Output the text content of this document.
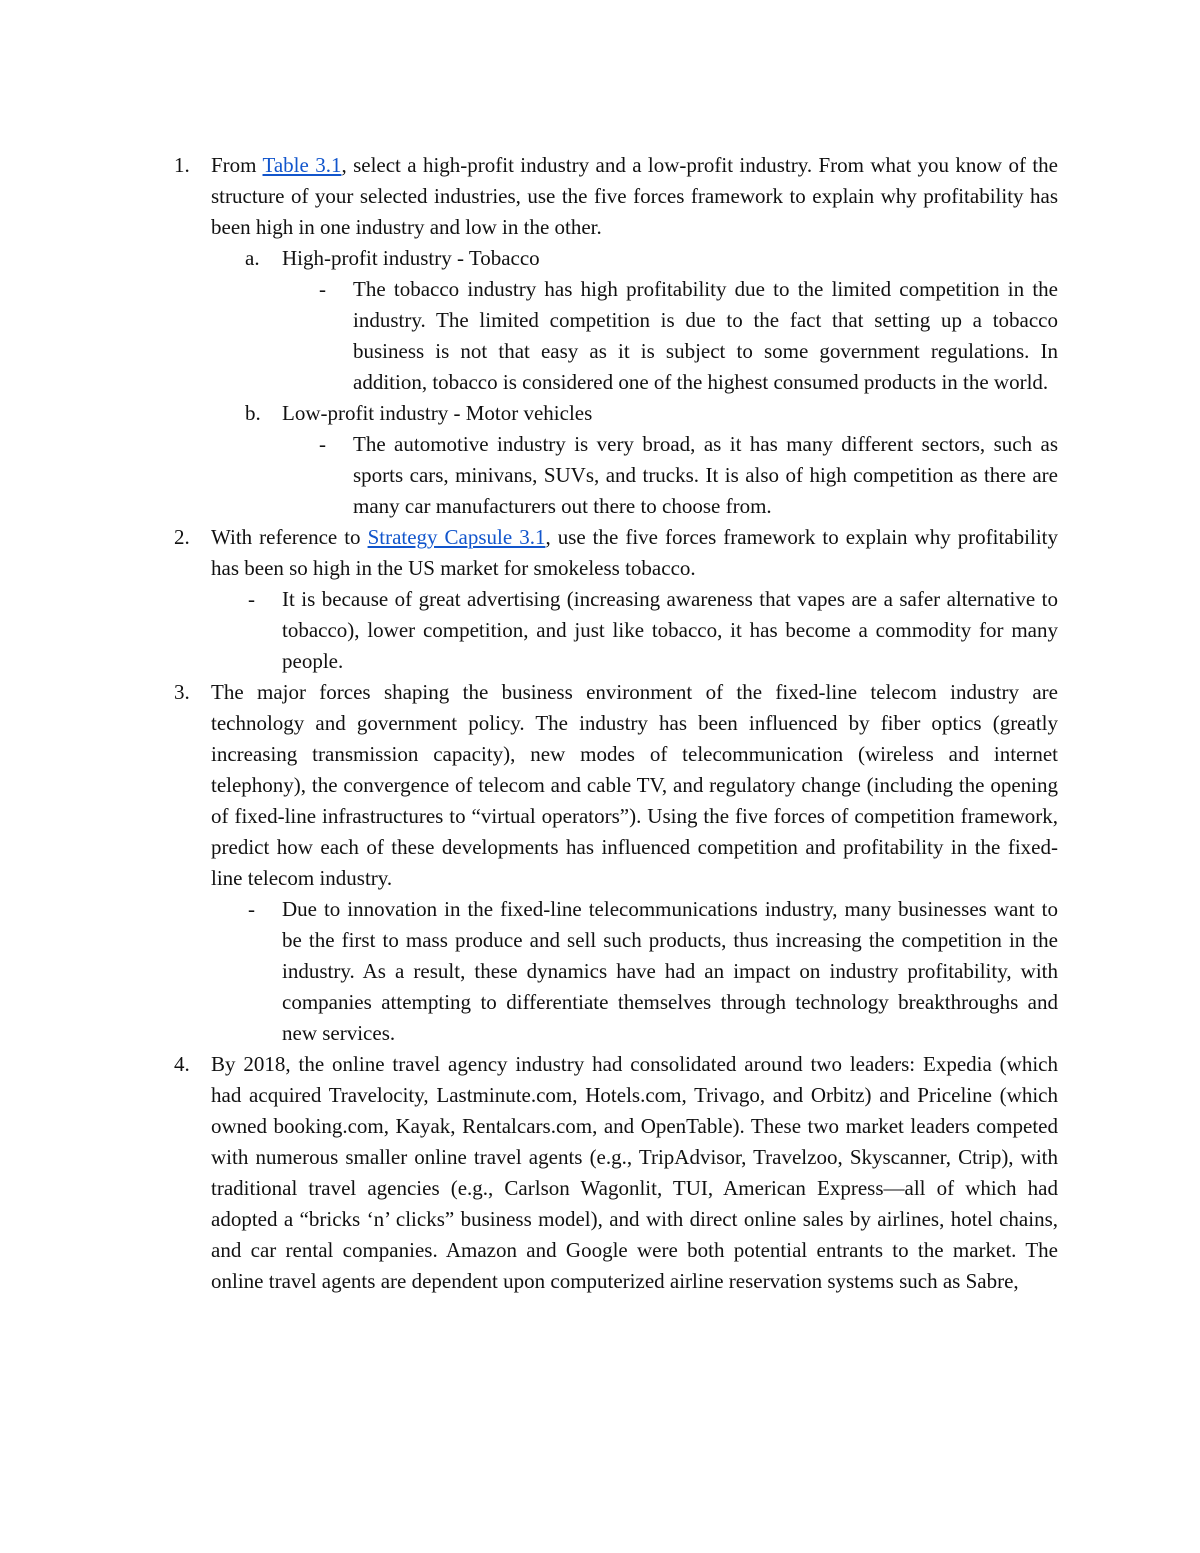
1. From Table 3.1, select a high-profit industry and a low-profit industry. From what you know of the structure of your selected industries, use the five forces framework to explain why profitability has been high in one industry and low in the other.
a. High-profit industry - Tobacco
- The tobacco industry has high profitability due to the limited competition in the industry. The limited competition is due to the fact that setting up a tobacco business is not that easy as it is subject to some government regulations. In addition, tobacco is considered one of the highest consumed products in the world.
b. Low-profit industry - Motor vehicles
- The automotive industry is very broad, as it has many different sectors, such as sports cars, minivans, SUVs, and trucks. It is also of high competition as there are many car manufacturers out there to choose from.
2. With reference to Strategy Capsule 3.1, use the five forces framework to explain why profitability has been so high in the US market for smokeless tobacco.
- It is because of great advertising (increasing awareness that vapes are a safer alternative to tobacco), lower competition, and just like tobacco, it has become a commodity for many people.
3. The major forces shaping the business environment of the fixed-line telecom industry are technology and government policy. The industry has been influenced by fiber optics (greatly increasing transmission capacity), new modes of telecommunication (wireless and internet telephony), the convergence of telecom and cable TV, and regulatory change (including the opening of fixed-line infrastructures to “virtual operators”). Using the five forces of competition framework, predict how each of these developments has influenced competition and profitability in the fixed-line telecom industry.
- Due to innovation in the fixed-line telecommunications industry, many businesses want to be the first to mass produce and sell such products, thus increasing the competition in the industry. As a result, these dynamics have had an impact on industry profitability, with companies attempting to differentiate themselves through technology breakthroughs and new services.
4. By 2018, the online travel agency industry had consolidated around two leaders: Expedia (which had acquired Travelocity, Lastminute.com, Hotels.com, Trivago, and Orbitz) and Priceline (which owned booking.com, Kayak, Rentalcars.com, and OpenTable). These two market leaders competed with numerous smaller online travel agents (e.g., TripAdvisor, Travelzoo, Skyscanner, Ctrip), with traditional travel agencies (e.g., Carlson Wagonlit, TUI, American Express—all of which had adopted a “bricks ‘n’ clicks” business model), and with direct online sales by airlines, hotel chains, and car rental companies. Amazon and Google were both potential entrants to the market. The online travel agents are dependent upon computerized airline reservation systems such as Sabre,
